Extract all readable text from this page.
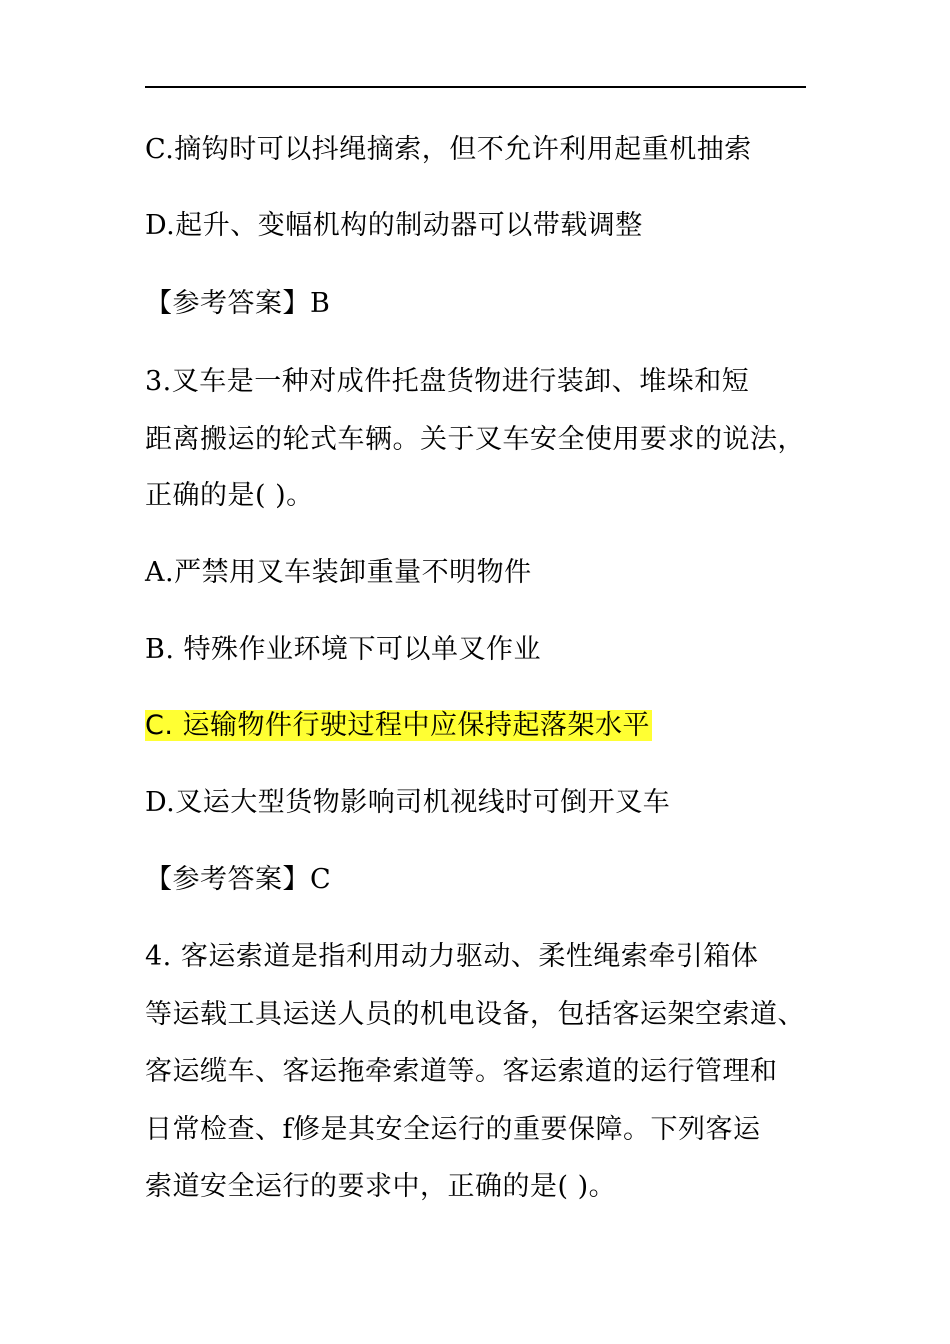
C.摘钩时可以抖绳摘索，但不允许利用起重机抽索
D.起升、变幅机构的制动器可以带载调整
【参考答案】B
3.叉车是一种对成件托盘货物进行装卸、堆垛和短
距离搬运的轮式车辆。关于叉车安全使用要求的说法，
正确的是( )。
A.严禁用叉车装卸重量不明物件
B. 特殊作业环境下可以单叉作业
C. 运输物件行驶过程中应保持起落架水平
D.叉运大型货物影响司机视线时可倒开叉车
【参考答案】C
4. 客运索道是指利用动力驱动、柔性绳索牵引箱体
等运载工具运送人员的机电设备，包括客运架空索道、
客运缆车、客运拖牵索道等。客运索道的运行管理和
日常检查、f修是其安全运行的重要保障。下列客运
索道安全运行的要求中，正确的是( )。
